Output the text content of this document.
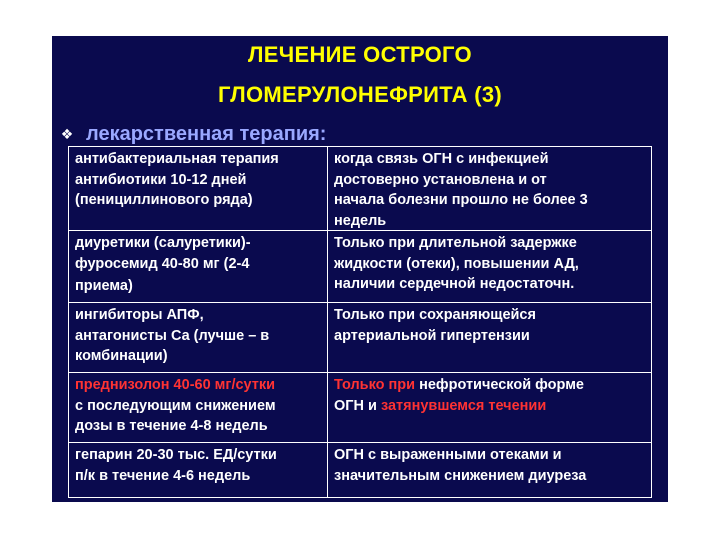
ЛЕЧЕНИЕ ОСТРОГО
ГЛОМЕРУЛОНЕФРИТА (3)
❖ лекарственная терапия:
антибактериальная терапия
антибиотики 10-12 дней
(пенициллинового ряда)
когда связь ОГН с инфекцией
достоверно установлена и от
начала болезни прошло не более 3
недель
диуретики (салуретики)-
фуросемид 40-80 мг (2-4
приема)
Только при длительной задержке
жидкости (отеки), повышении АД,
наличии сердечной недостаточн.
ингибиторы АПФ,
антагонисты Са (лучше – в
комбинации)
Только при сохраняющейся
артериальной гипертензии
преднизолон 40-60 мг/сутки
с последующим снижением
дозы в течение 4-8 недель
Только при нефротической форме
ОГН и затянувшемся течении
гепарин 20-30 тыс. ЕД/сутки
п/к в течение 4-6 недель
ОГН с выраженными отеками и
значительным снижением диуреза
